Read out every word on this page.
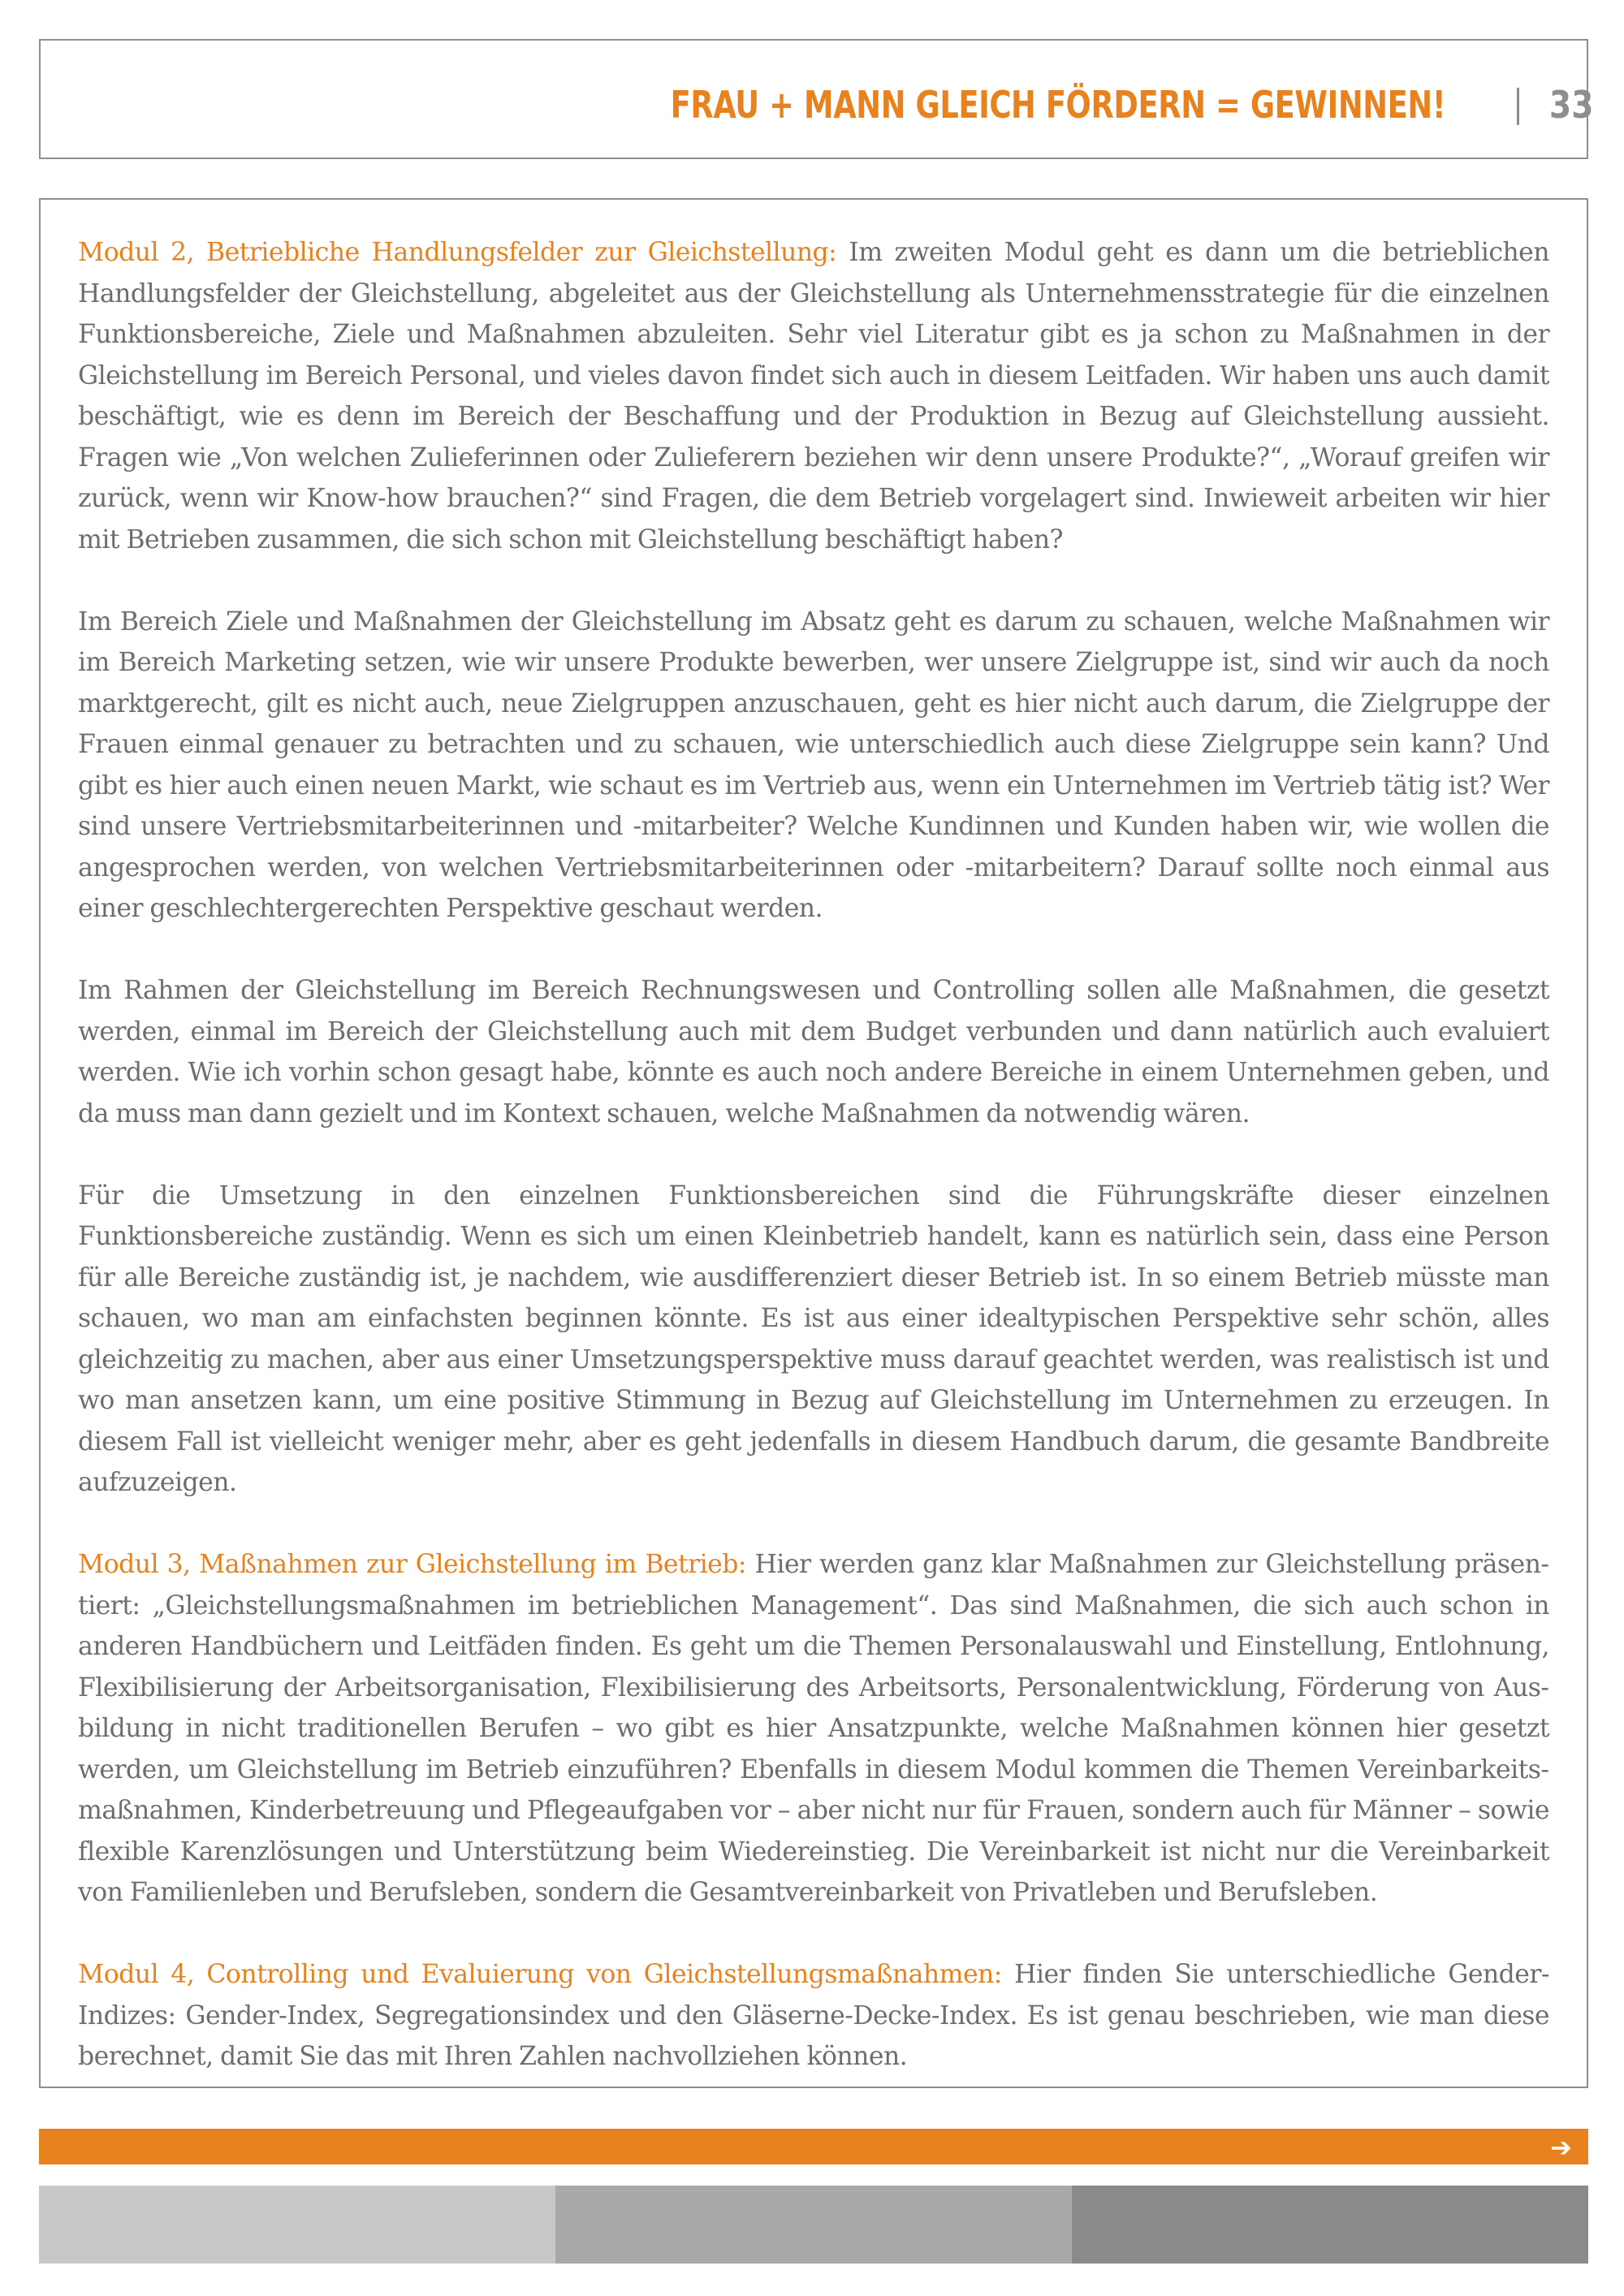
FRAU + MANN GLEICH FÖRDERN = GEWINNEN!	33

Modul 2, Betriebliche Handlungsfelder zur Gleichstellung: Im zweiten Modul geht es dann um die betrieblichen Handlungsfelder der Gleichstellung, abgeleitet aus der Gleichstellung als Unternehmensstrategie für die einzelnen Funktionsbereiche, Ziele und Maßnahmen abzuleiten. Sehr viel Literatur gibt es ja schon zu Maßnahmen in der Gleichstellung im Bereich Personal, und vieles davon findet sich auch in diesem Leitfaden. Wir haben uns auch damit beschäftigt, wie es denn im Bereich der Beschaffung und der Produktion in Bezug auf Gleichstellung aussieht. Fragen wie „Von welchen Zulieferinnen oder Zulieferern beziehen wir denn unsere Produkte?“, „Worauf greifen wir zurück, wenn wir Know-how brauchen?“ sind Fragen, die dem Betrieb vorgelagert sind. Inwieweit arbeiten wir hier mit Betrieben zusammen, die sich schon mit Gleichstellung beschäftigt haben?

Im Bereich Ziele und Maßnahmen der Gleichstellung im Absatz geht es darum zu schauen, welche Maßnahmen wir im Bereich Marketing setzen, wie wir unsere Produkte bewerben, wer unsere Zielgruppe ist, sind wir auch da noch marktgerecht, gilt es nicht auch, neue Zielgruppen anzuschauen, geht es hier nicht auch darum, die Zielgruppe der Frauen einmal genauer zu betrachten und zu schauen, wie unterschiedlich auch diese Zielgruppe sein kann? Und gibt es hier auch einen neuen Markt, wie schaut es im Vertrieb aus, wenn ein Unternehmen im Vertrieb tätig ist? Wer sind unsere Vertriebsmitarbeiterinnen und -mitarbeiter? Welche Kundinnen und Kunden haben wir, wie wollen die angesprochen werden, von welchen Vertriebsmitarbeiterinnen oder -mitarbeitern? Darauf sollte noch einmal aus einer geschlechtergerechten Perspektive geschaut werden.

Im Rahmen der Gleichstellung im Bereich Rechnungswesen und Controlling sollen alle Maßnahmen, die gesetzt werden, einmal im Bereich der Gleichstellung auch mit dem Budget verbunden und dann natürlich auch evaluiert werden. Wie ich vorhin schon gesagt habe, könnte es auch noch andere Bereiche in einem Unternehmen geben, und da muss man dann gezielt und im Kontext schauen, welche Maßnahmen da notwendig wären.

Für die Umsetzung in den einzelnen Funktionsbereichen sind die Führungskräfte dieser einzelnen Funktionsbereiche zuständig. Wenn es sich um einen Kleinbetrieb handelt, kann es natürlich sein, dass eine Person für alle Bereiche zuständig ist, je nachdem, wie ausdifferenziert dieser Betrieb ist. In so einem Betrieb müsste man schauen, wo man am einfachsten beginnen könnte. Es ist aus einer idealtypischen Perspektive sehr schön, alles gleichzeitig zu machen, aber aus einer Umsetzungsperspektive muss darauf geachtet werden, was realistisch ist und wo man ansetzen kann, um eine positive Stimmung in Bezug auf Gleichstellung im Unternehmen zu erzeugen. In diesem Fall ist vielleicht weniger mehr, aber es geht jedenfalls in diesem Handbuch darum, die gesamte Bandbreite aufzuzeigen.

Modul 3, Maßnahmen zur Gleichstellung im Betrieb: Hier werden ganz klar Maßnahmen zur Gleichstellung präsentiert: „Gleichstellungsmaßnahmen im betrieblichen Management“. Das sind Maßnahmen, die sich auch schon in anderen Handbüchern und Leitfäden finden. Es geht um die Themen Personalauswahl und Einstellung, Entlohnung, Flexibilisierung der Arbeitsorganisation, Flexibilisierung des Arbeitsorts, Personalentwicklung, Förderung von Ausbildung in nicht traditionellen Berufen – wo gibt es hier Ansatzpunkte, welche Maßnahmen können hier gesetzt werden, um Gleichstellung im Betrieb einzuführen? Ebenfalls in diesem Modul kommen die Themen Vereinbarkeitsmaßnahmen, Kinderbetreuung und Pflegeaufgaben vor – aber nicht nur für Frauen, sondern auch für Männer – sowie flexible Karenzlösungen und Unterstützung beim Wiedereinstieg. Die Vereinbarkeit ist nicht nur die Vereinbarkeit von Familienleben und Berufsleben, sondern die Gesamtvereinbarkeit von Privatleben und Berufsleben.

Modul 4, Controlling und Evaluierung von Gleichstellungsmaßnahmen: Hier finden Sie unterschiedliche Gender-Indizes: Gender-Index, Segregationsindex und den Gläserne-Decke-Index. Es ist genau beschrieben, wie man diese berechnet, damit Sie das mit Ihren Zahlen nachvollziehen können.

➔
